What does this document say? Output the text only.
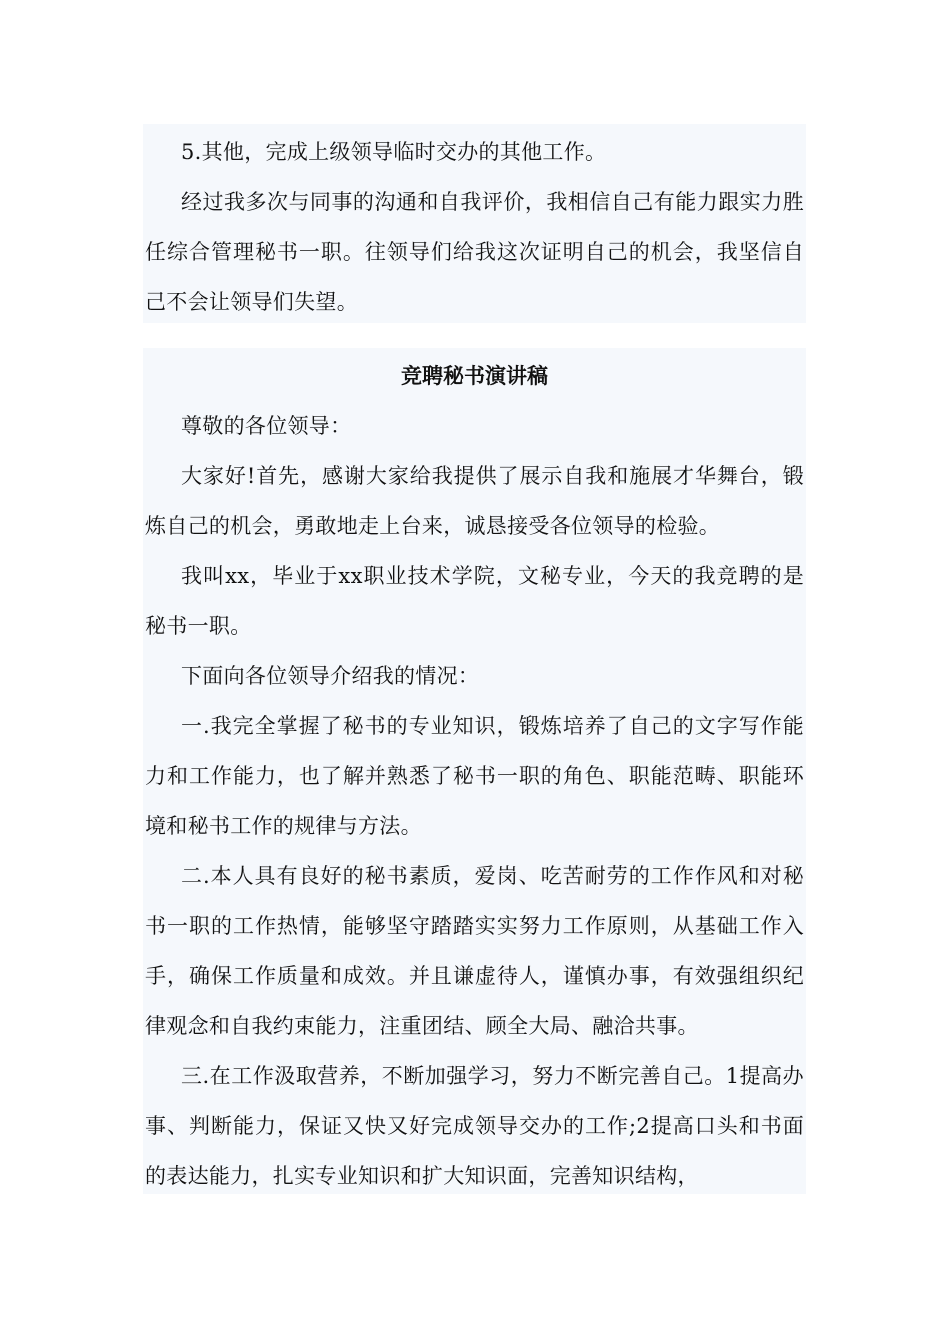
5.其他，完成上级领导临时交办的其他工作。

经过我多次与同事的沟通和自我评价，我相信自己有能力跟实力胜任综合管理秘书一职。往领导们给我这次证明自己的机会，我坚信自己不会让领导们失望。

竞聘秘书演讲稿

尊敬的各位领导：

大家好!首先，感谢大家给我提供了展示自我和施展才华舞台，锻炼自己的机会，勇敢地走上台来，诚恳接受各位领导的检验。

我叫xx，毕业于xx职业技术学院，文秘专业，今天的我竞聘的是秘书一职。

下面向各位领导介绍我的情况：

一.我完全掌握了秘书的专业知识，锻炼培养了自己的文字写作能力和工作能力，也了解并熟悉了秘书一职的角色、职能范畴、职能环境和秘书工作的规律与方法。

二.本人具有良好的秘书素质，爱岗、吃苦耐劳的工作作风和对秘书一职的工作热情，能够坚守踏踏实实努力工作原则，从基础工作入手，确保工作质量和成效。并且谦虚待人，谨慎办事，有效强组织纪律观念和自我约束能力，注重团结、顾全大局、融洽共事。

三.在工作汲取营养，不断加强学习，努力不断完善自己。1提高办事、判断能力，保证又快又好完成领导交办的工作;2提高口头和书面的表达能力，扎实专业知识和扩大知识面，完善知识结构，
